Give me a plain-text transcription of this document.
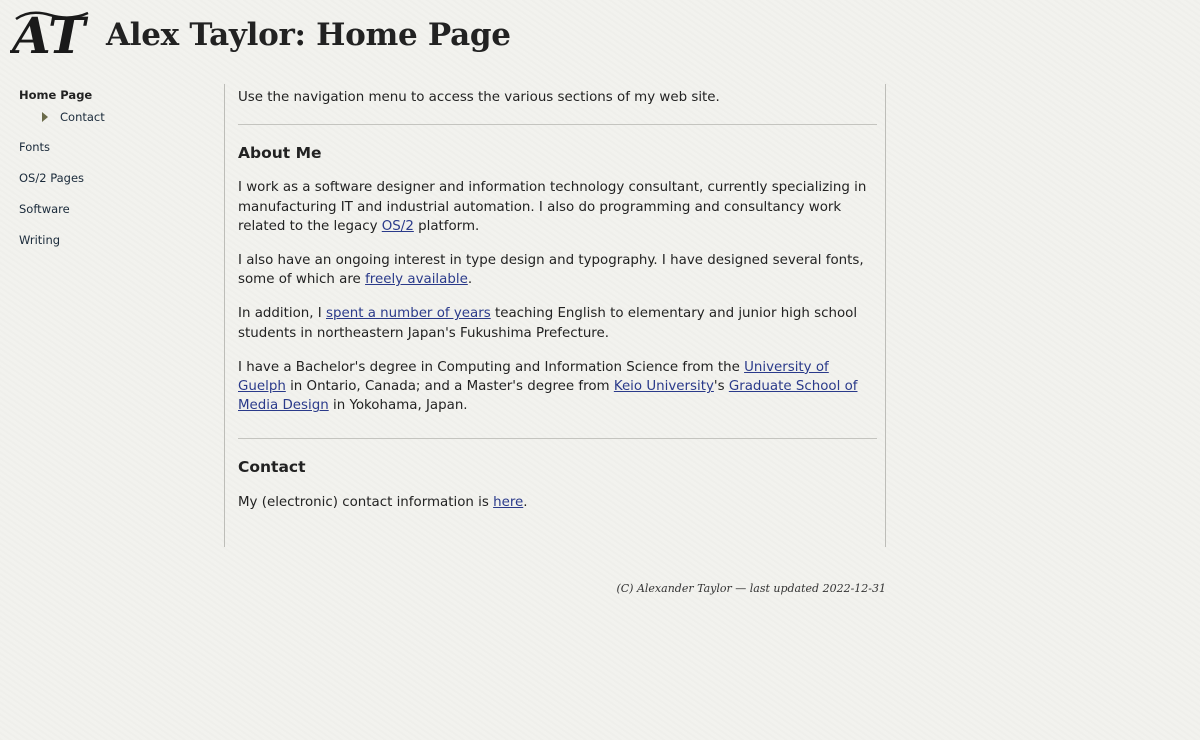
AT Alex Taylor: Home Page
Home Page
Contact
Fonts
OS/2 Pages
Software
Writing

Use the navigation menu to access the various sections of my web site.

About Me

I work as a software designer and information technology consultant, currently specializing in manufacturing IT and industrial automation. I also do programming and consultancy work related to the legacy OS/2 platform.

I also have an ongoing interest in type design and typography. I have designed several fonts, some of which are freely available.

In addition, I spent a number of years teaching English to elementary and junior high school students in northeastern Japan's Fukushima Prefecture.

I have a Bachelor's degree in Computing and Information Science from the University of Guelph in Ontario, Canada; and a Master's degree from Keio University's Graduate School of Media Design in Yokohama, Japan.

Contact

My (electronic) contact information is here.

(C) Alexander Taylor — last updated 2022-12-31
